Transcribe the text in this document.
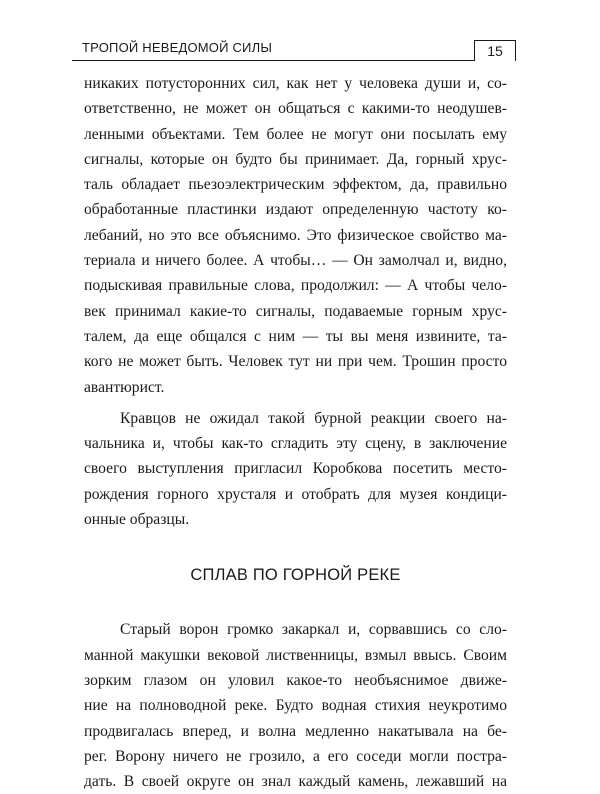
ТРОПОЙ НЕВЕДОМОЙ СИЛЫ	15

никаких потусторонних сил, как нет у человека души и, со-

ответственно, не может он общаться с какими-то неодушев-

ленными объектами. Тем более не могут они посылать ему

сигналы, которые он будто бы принимает. Да, горный хрус-

таль обладает пьезоэлектрическим эффектом, да, правильно

обработанные пластинки издают определенную частоту ко-

лебаний, но это все объяснимо. Это физическое свойство ма-

териала и ничего более. А чтобы… — Он замолчал и, видно,

подыскивая правильные слова, продолжил: — А чтобы чело-

век принимал какие-то сигналы, подаваемые горным хрус-

талем, да еще общался с ним — ты вы меня извините, та-

кого не может быть. Человек тут ни при чем. Трошин просто

авантюрист.

Кравцов не ожидал такой бурной реакции своего на-

чальника и, чтобы как-то сгладить эту сцену, в заключение

своего выступления пригласил Коробкова посетить место-

рождения горного хрусталя и отобрать для музея кондици-

онные образцы.

СПЛАВ ПО ГОРНОЙ РЕКЕ

Старый ворон громко закаркал и, сорвавшись со сло-

манной макушки вековой лиственницы, взмыл ввысь. Своим

зорким глазом он уловил какое-то необъяснимое движе-

ние на полноводной реке. Будто водная стихия неукротимо

продвигалась вперед, и волна медленно накатывала на бе-

рег. Ворону ничего не грозило, а его соседи могли постра-

дать. В своей округе он знал каждый камень, лежавший на
